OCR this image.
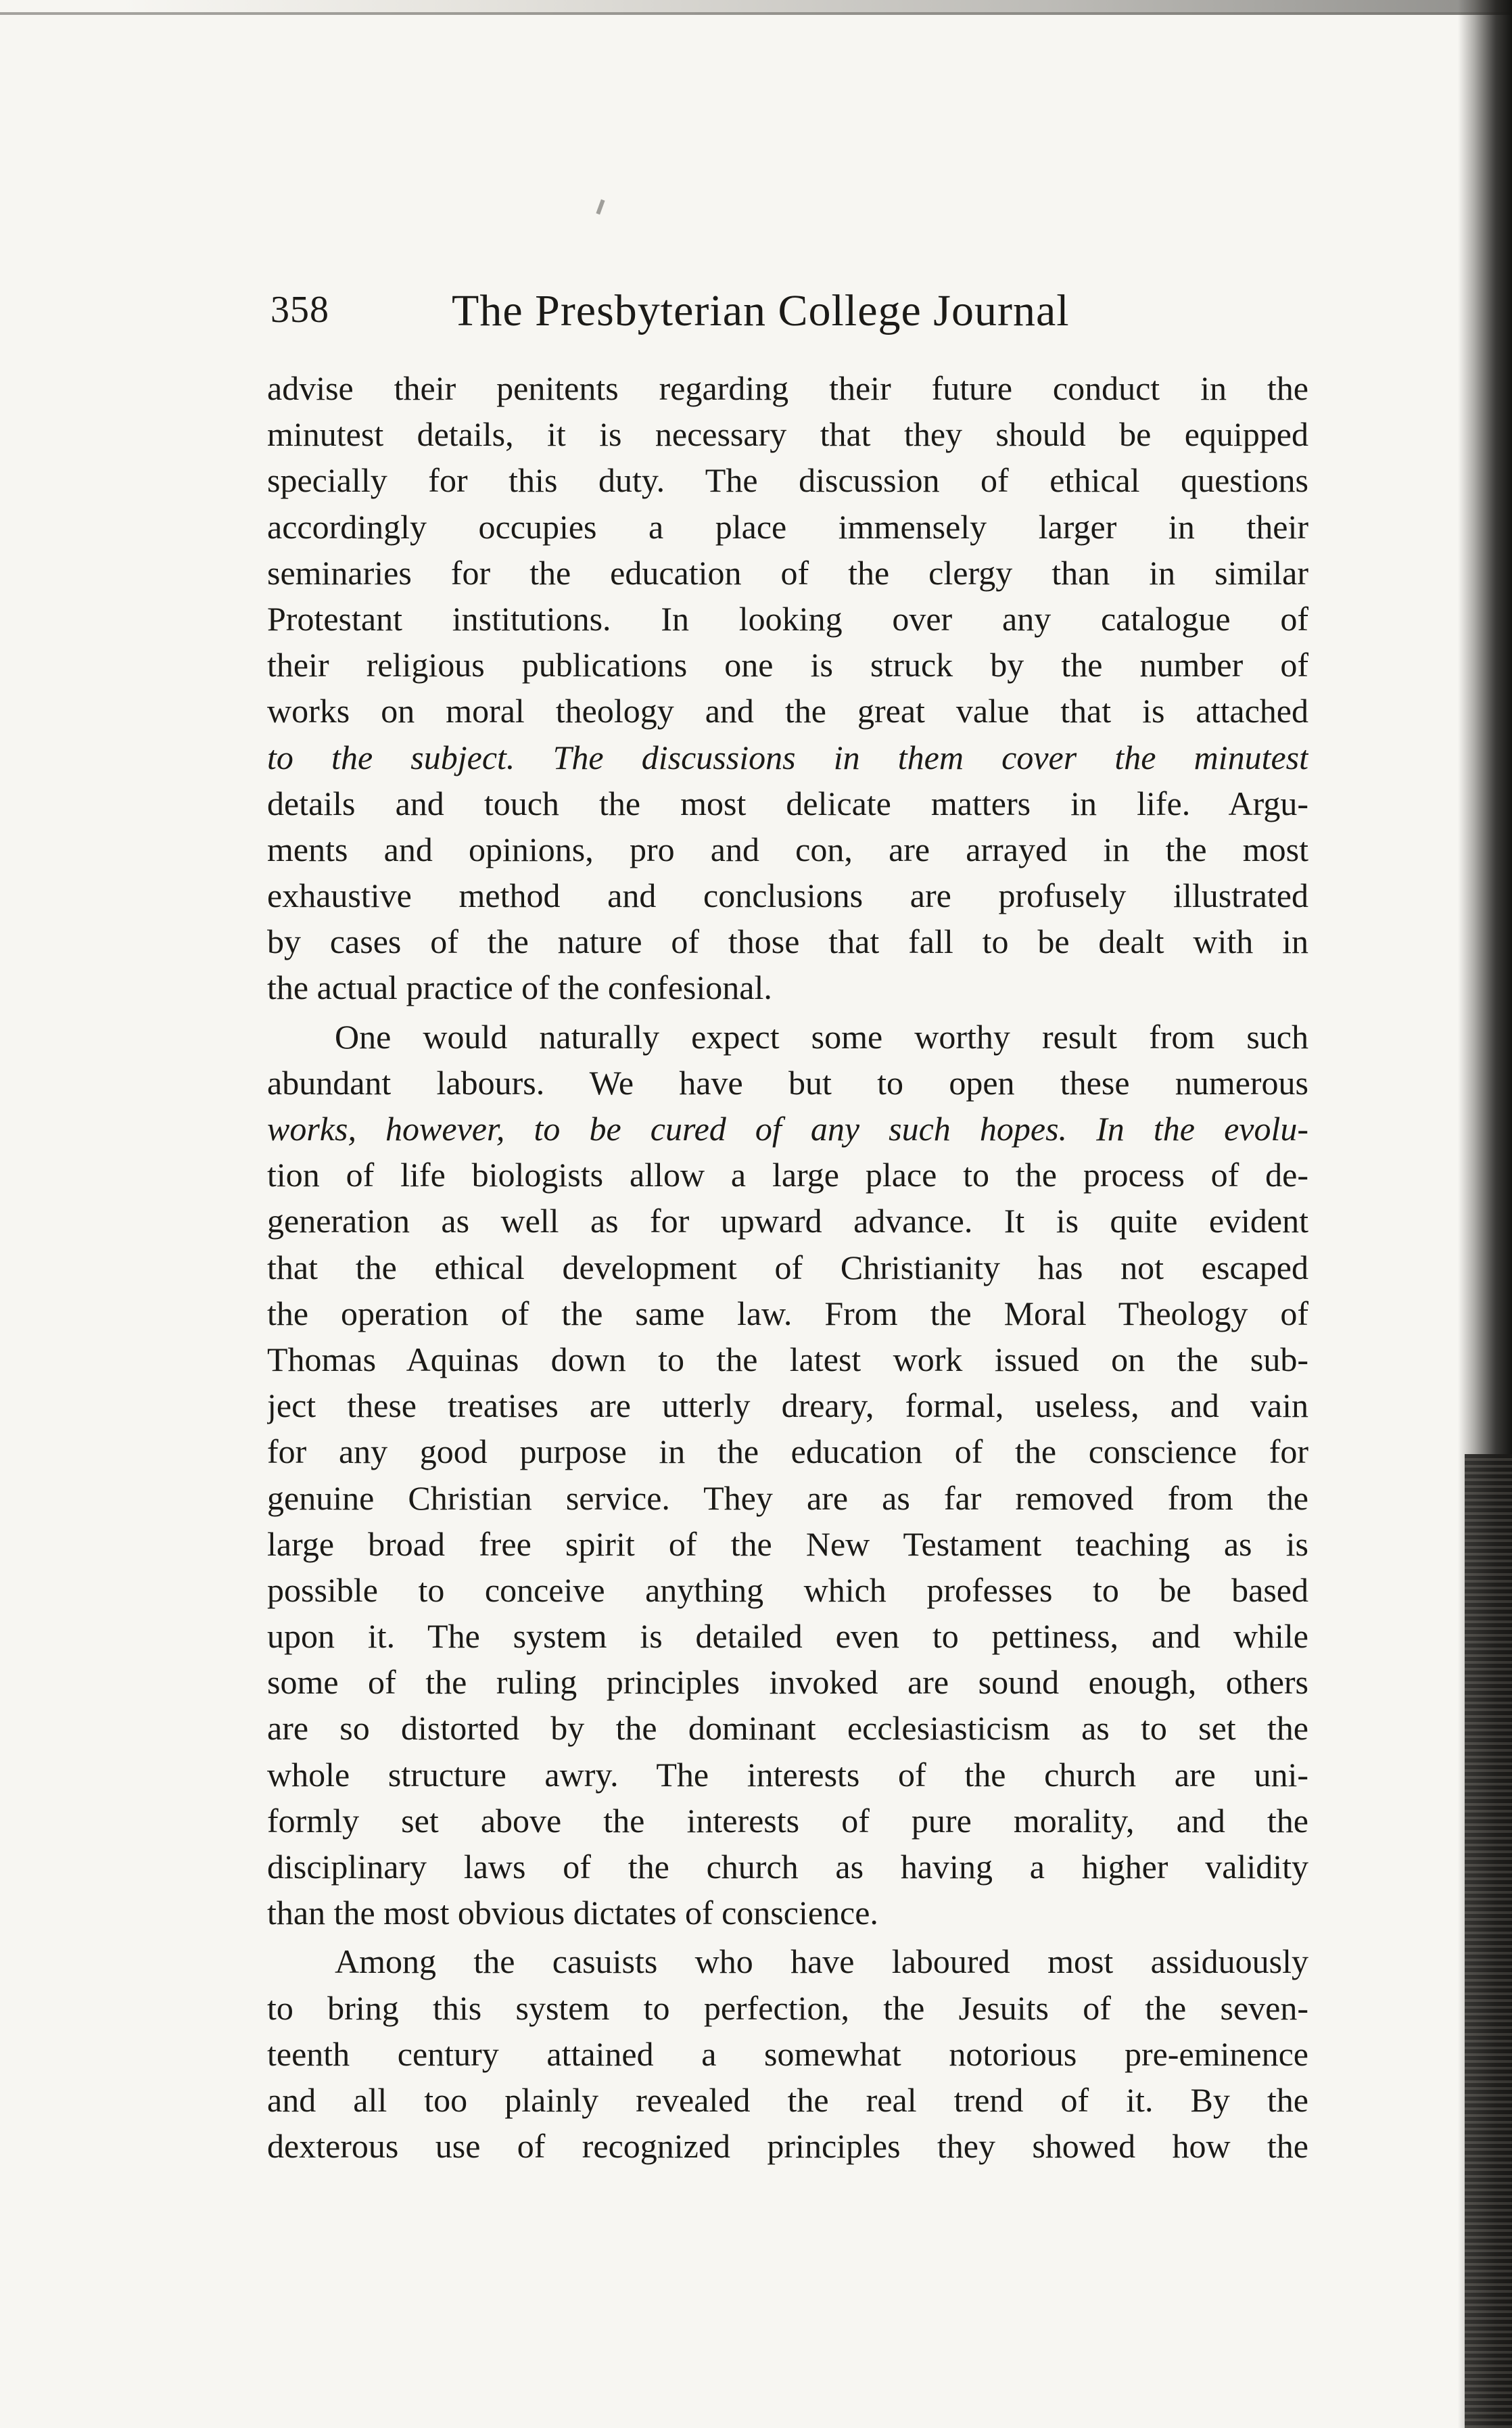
358	The Presbyterian College Journal
advise their penitents regarding their future conduct in the
minutest details, it is necessary that they should be equipped
specially for this duty. The discussion of ethical questions
accordingly occupies a place immensely larger in their
seminaries for the education of the clergy than in similar
Protestant institutions. In looking over any catalogue of
their religious publications one is struck by the number of
works on moral theology and the great value that is attached
to the subject. The discussions in them cover the minutest
details and touch the most delicate matters in life. Argu-
ments and opinions, pro and con, are arrayed in the most
exhaustive method and conclusions are profusely illustrated
by cases of the nature of those that fall to be dealt with in
the actual practice of the confesional.
One would naturally expect some worthy result from such
abundant labours. We have but to open these numerous
works, however, to be cured of any such hopes. In the evolu-
tion of life biologists allow a large place to the process of de-
generation as well as for upward advance. It is quite evident
that the ethical development of Christianity has not escaped
the operation of the same law. From the Moral Theology of
Thomas Aquinas down to the latest work issued on the sub-
ject these treatises are utterly dreary, formal, useless, and vain
for any good purpose in the education of the conscience for
genuine Christian service. They are as far removed from the
large broad free spirit of the New Testament teaching as is
possible to conceive anything which professes to be based
upon it. The system is detailed even to pettiness, and while
some of the ruling principles invoked are sound enough, others
are so distorted by the dominant ecclesiasticism as to set the
whole structure awry. The interests of the church are uni-
formly set above the interests of pure morality, and the
disciplinary laws of the church as having a higher validity
than the most obvious dictates of conscience.
Among the casuists who have laboured most assiduously
to bring this system to perfection, the Jesuits of the seven-
teenth century attained a somewhat notorious pre-eminence
and all too plainly revealed the real trend of it. By the
dexterous use of recognized principles they showed how the
